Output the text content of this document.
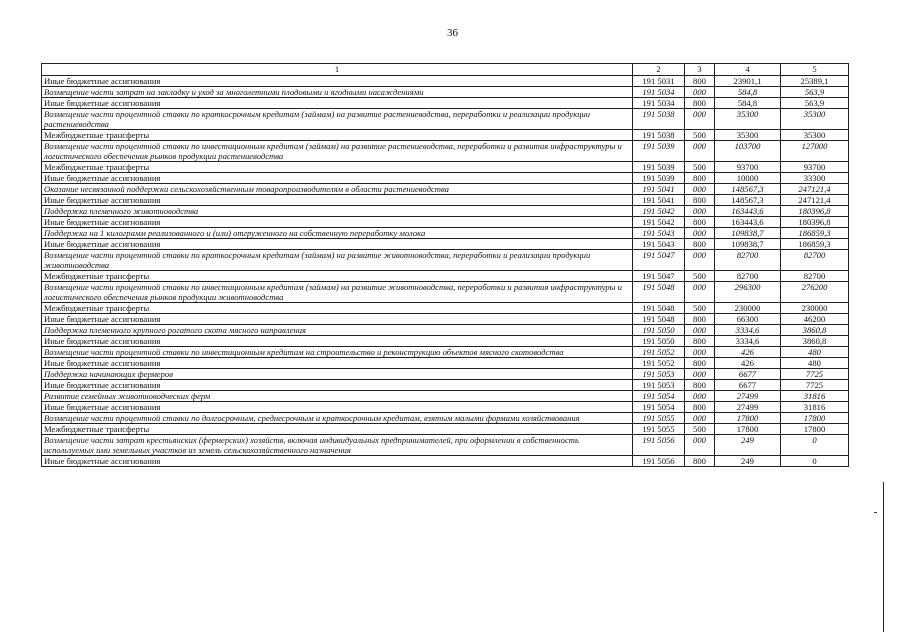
36
1	2	3	4	5
Иные бюджетные ассигнования	191 5031	800	23901,1	25389,1
Возмещение части затрат на закладку и уход за многолетними плодовыми и ягодными насаждениями	191 5034	000	584,8	563,9
Иные бюджетные ассигнования	191 5034	800	584,8	563,9
Возмещение части процентной ставки по краткосрочным кредитам (займам) на развитие растениеводства, переработки и реализации продукции растениеводства	191 5038	000	35300	35300
Межбюджетные трансферты	191 5038	500	35300	35300
Возмещение части процентной ставки по инвестиционным кредитам (займам) на развитие растениеводства, переработки и развития инфраструктуры и логистического обеспечения рынков продукции растениеводства	191 5039	000	103700	127000
Межбюджетные трансферты	191 5039	500	93700	93700
Иные бюджетные ассигнования	191 5039	800	10000	33300
Оказание несвязанной поддержки сельскохозяйственным товаропроизводителям в области растениеводства	191 5041	000	148567,3	247121,4
Иные бюджетные ассигнования	191 5041	800	148567,3	247121,4
Поддержка племенного животноводства	191 5042	000	163443,6	180396,8
Иные бюджетные ассигнования	191 5042	800	163443,6	180396,8
Поддержка на 1 килограмм реализованного и (или) отгруженного на собственную переработку молока	191 5043	000	109838,7	186859,3
Иные бюджетные ассигнования	191 5043	800	109838,7	186859,3
Возмещение части процентной ставки по краткосрочным кредитам (займам) на развитие животноводства, переработки и реализации продукции животноводства	191 5047	000	82700	82700
Межбюджетные трансферты	191 5047	500	82700	82700
Возмещение части процентной ставки по инвестиционным кредитам (займам) на развитие животноводства, переработки и развития инфраструктуры и логистического обеспечения рынков продукции животноводства	191 5048	000	296300	276200
Межбюджетные трансферты	191 5048	500	230000	230000
Иные бюджетные ассигнования	191 5048	800	66300	46200
Поддержка племенного крупного рогатого скота мясного направления	191 5050	000	3334,6	3860,8
Иные бюджетные ассигнования	191 5050	800	3334,6	3860,8
Возмещение части процентной ставки по инвестиционным кредитам на строительство и реконструкцию объектов мясного скотоводства	191 5052	000	426	480
Иные бюджетные ассигнования	191 5052	800	426	480
Поддержка начинающих фермеров	191 5053	000	6677	7725
Иные бюджетные ассигнования	191 5053	800	6677	7725
Развитие семейных животноводческих ферм	191 5054	000	27499	31816
Иные бюджетные ассигнования	191 5054	800	27499	31816
Возмещение части процентной ставки по долгосрочным, среднесрочным и краткосрочным кредитам, взятым малыми формами хозяйствования	191 5055	000	17800	17800
Межбюджетные трансферты	191 5055	500	17800	17800
Возмещение части затрат крестьянских (фермерских) хозяйств, включая индивидуальных предпринимателей, при оформлении в собственность используемых ими земельных участков из земель сельскохозяйственного назначения	191 5056	000	249	0
Иные бюджетные ассигнования	191 5056	800	249	0
